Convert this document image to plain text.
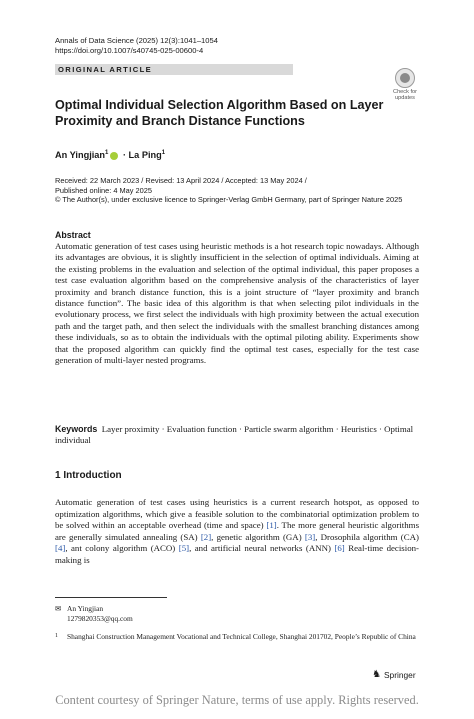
Annals of Data Science (2025) 12(3):1041–1054
https://doi.org/10.1007/s40745-025-00600-4
ORIGINAL ARTICLE
Check for
updates
Optimal Individual Selection Algorithm Based on Layer Proximity and Branch Distance Functions
An Yingjian$^1$ · La Ping$^1$
Received: 22 March 2023 / Revised: 13 April 2024 / Accepted: 13 May 2024 /
Published online: 4 May 2025
© The Author(s), under exclusive licence to Springer-Verlag GmbH Germany, part of Springer Nature 2025
Abstract
Automatic generation of test cases using heuristic methods is a hot research topic nowadays. Although its advantages are obvious, it is slightly insufficient in the selection of optimal individuals. Aiming at the existing problems in the evaluation and selection of the optimal individual, this paper proposes a test case evaluation algorithm based on the comprehensive analysis of the characteristics of layer proximity and branch distance function, this is a joint structure of “layer proximity and branch distance function”. The basic idea of this algorithm is that when selecting pilot individuals in the evolutionary process, we first select the individuals with high proximity between the actual execution path and the target path, and then select the individuals with the smallest branching distances among these individuals, so as to obtain the individuals with the optimal piloting ability. Experiments show that the proposed algorithm can quickly find the optimal test cases, especially for the test case generation of multi-layer nested programs.
Keywords Layer proximity · Evaluation function · Particle swarm algorithm · Heuristics · Optimal individual
1 Introduction
Automatic generation of test cases using heuristics is a current research hotspot, as opposed to optimization algorithms, which give a feasible solution to the combinatorial optimization problem to be solved within an acceptable overhead (time and space) [1]. The more general heuristic algorithms are generally simulated annealing (SA) [2], genetic algorithm (GA) [3], Drosophila algorithm (CA) [4], ant colony algorithm (ACO) [5], and artificial neural networks (ANN) [6] Real-time decision-making is
✉ An Yingjian
1279820353@qq.com
1 Shanghai Construction Management Vocational and Technical College, Shanghai 201702, People’s Republic of China
♞ Springer
Content courtesy of Springer Nature, terms of use apply. Rights reserved.
